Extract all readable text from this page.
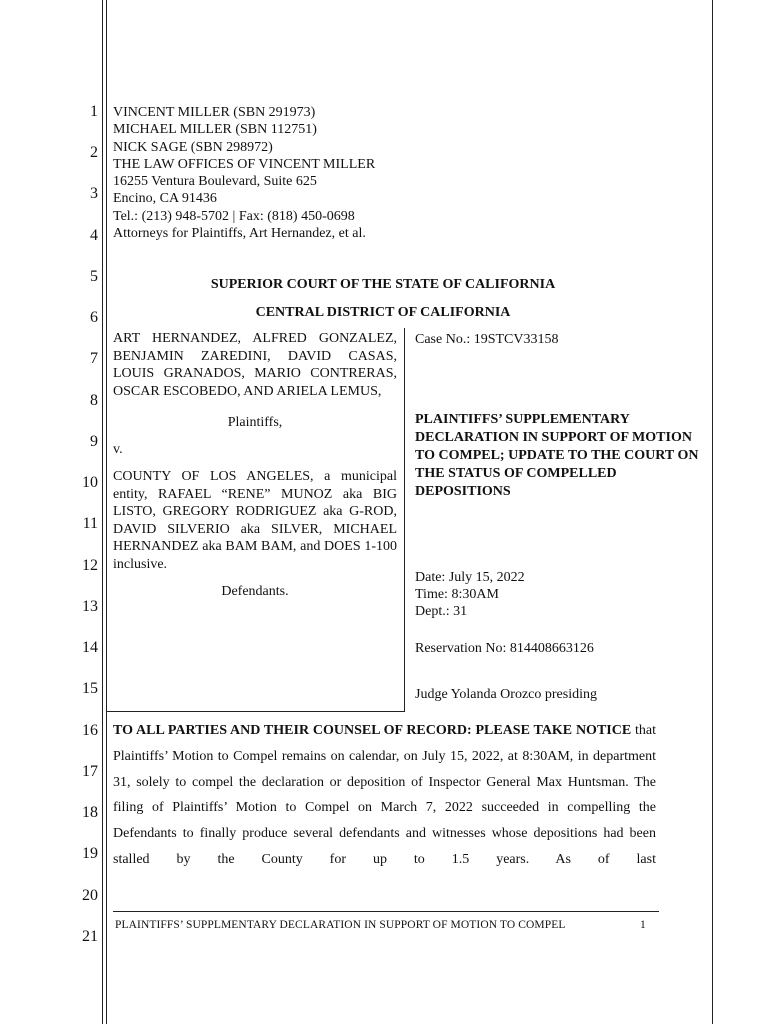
1
2
3
4
5
6
7
8
9
10
11
12
13
14
15
16
17
18
19
20
21
VINCENT MILLER (SBN 291973)
MICHAEL MILLER (SBN 112751)
NICK SAGE (SBN 298972)
THE LAW OFFICES OF VINCENT MILLER
16255 Ventura Boulevard, Suite 625
Encino, CA 91436
Tel.: (213) 948-5702 | Fax: (818) 450-0698
Attorneys for Plaintiffs, Art Hernandez, et al.
SUPERIOR COURT OF THE STATE OF CALIFORNIA
CENTRAL DISTRICT OF CALIFORNIA
ART HERNANDEZ, ALFRED GONZALEZ, BENJAMIN ZAREDINI, DAVID CASAS, LOUIS GRANADOS, MARIO CONTRERAS, OSCAR ESCOBEDO, AND ARIELA LEMUS,
Plaintiffs,
v.
COUNTY OF LOS ANGELES, a municipal entity, RAFAEL “RENE” MUNOZ aka BIG LISTO, GREGORY RODRIGUEZ aka G-ROD, DAVID SILVERIO aka SILVER, MICHAEL HERNANDEZ aka BAM BAM, and DOES 1-100 inclusive.
Defendants.
Case No.: 19STCV33158
PLAINTIFFS’ SUPPLEMENTARY DECLARATION IN SUPPORT OF MOTION TO COMPEL; UPDATE TO THE COURT ON THE STATUS OF COMPELLED DEPOSITIONS
Date: July 15, 2022
Time: 8:30AM
Dept.: 31
Reservation No: 814408663126
Judge Yolanda Orozco presiding
TO ALL PARTIES AND THEIR COUNSEL OF RECORD: PLEASE TAKE NOTICE that Plaintiffs’ Motion to Compel remains on calendar, on July 15, 2022, at 8:30AM, in department 31, solely to compel the declaration or deposition of Inspector General Max Huntsman. The filing of Plaintiffs’ Motion to Compel on March 7, 2022 succeeded in compelling the Defendants to finally produce several defendants and witnesses whose depositions had been stalled by the County for up to 1.5 years. As of last
PLAINTIFFS’ SUPPLMENTARY DECLARATION IN SUPPORT OF MOTION TO COMPEL	1
